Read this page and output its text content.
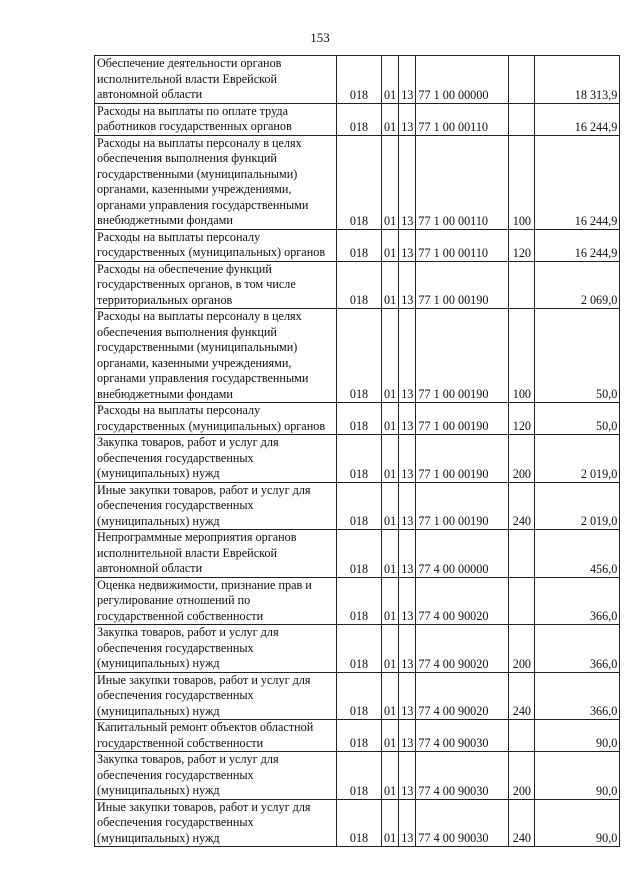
153
Обеспечение деятельности органов исполнительной власти Еврейской автономной области	018	01	13	77 1 00 00000		18 313,9
Расходы на выплаты по оплате труда работников государственных органов	018	01	13	77 1 00 00110		16 244,9
Расходы на выплаты персоналу в целях обеспечения выполнения функций государственными (муниципальными) органами, казенными учреждениями, органами управления государственными внебюджетными фондами	018	01	13	77 1 00 00110	100	16 244,9
Расходы на выплаты персоналу государственных (муниципальных) органов	018	01	13	77 1 00 00110	120	16 244,9
Расходы на обеспечение функций государственных органов, в том числе территориальных органов	018	01	13	77 1 00 00190		2 069,0
Расходы на выплаты персоналу в целях обеспечения выполнения функций государственными (муниципальными) органами, казенными учреждениями, органами управления государственными внебюджетными фондами	018	01	13	77 1 00 00190	100	50,0
Расходы на выплаты персоналу государственных (муниципальных) органов	018	01	13	77 1 00 00190	120	50,0
Закупка товаров, работ и услуг для обеспечения государственных (муниципальных) нужд	018	01	13	77 1 00 00190	200	2 019,0
Иные закупки товаров, работ и услуг для обеспечения государственных (муниципальных) нужд	018	01	13	77 1 00 00190	240	2 019,0
Непрограммные мероприятия органов исполнительной власти Еврейской автономной области	018	01	13	77 4 00 00000		456,0
Оценка недвижимости, признание прав и регулирование отношений по государственной собственности	018	01	13	77 4 00 90020		366,0
Закупка товаров, работ и услуг для обеспечения государственных (муниципальных) нужд	018	01	13	77 4 00 90020	200	366,0
Иные закупки товаров, работ и услуг для обеспечения государственных (муниципальных) нужд	018	01	13	77 4 00 90020	240	366,0
Капитальный ремонт объектов областной государственной собственности	018	01	13	77 4 00 90030		90,0
Закупка товаров, работ и услуг для обеспечения государственных (муниципальных) нужд	018	01	13	77 4 00 90030	200	90,0
Иные закупки товаров, работ и услуг для обеспечения государственных (муниципальных) нужд	018	01	13	77 4 00 90030	240	90,0
